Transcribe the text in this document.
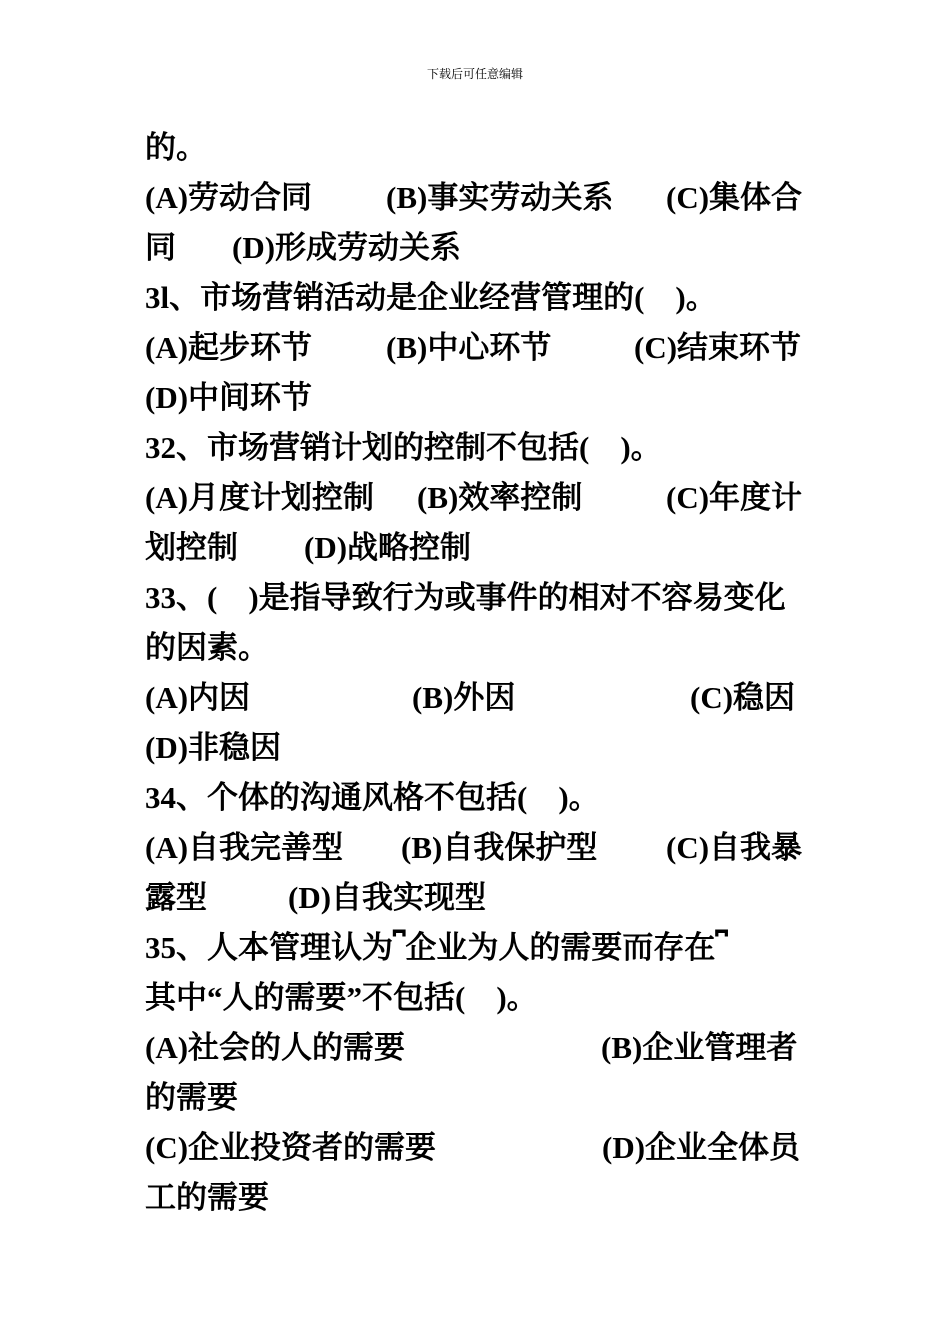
下载后可任意编辑
的。
(A)劳动合同 (B)事实劳动关系 (C)集体合
同 (D)形成劳动关系
3l、市场营销活动是企业经营管理的(　)。
(A)起步环节 (B)中心环节	(C)结束环节
(D)中间环节
32、市场营销计划的控制不包括(　)。
(A)月度计划控制 (B)效率控制	(C)年度计
划控制 (D)战略控制
33、(　)是指导致行为或事件的相对不容易变化
的因素。
(A)内因	(B)外因	(C)稳因
(D)非稳因
34、个体的沟通风格不包括(　)。
(A)自我完善型 (B)自我保护型 (C)自我暴
露型	(D)自我实现型
35、人本管理认为⎴企业为人的需要而存在⎴
其中“人的需要”不包括(　)。
(A)社会的人的需要	(B)企业管理者
的需要
(C)企业投资者的需要	(D)企业全体员
工的需要
